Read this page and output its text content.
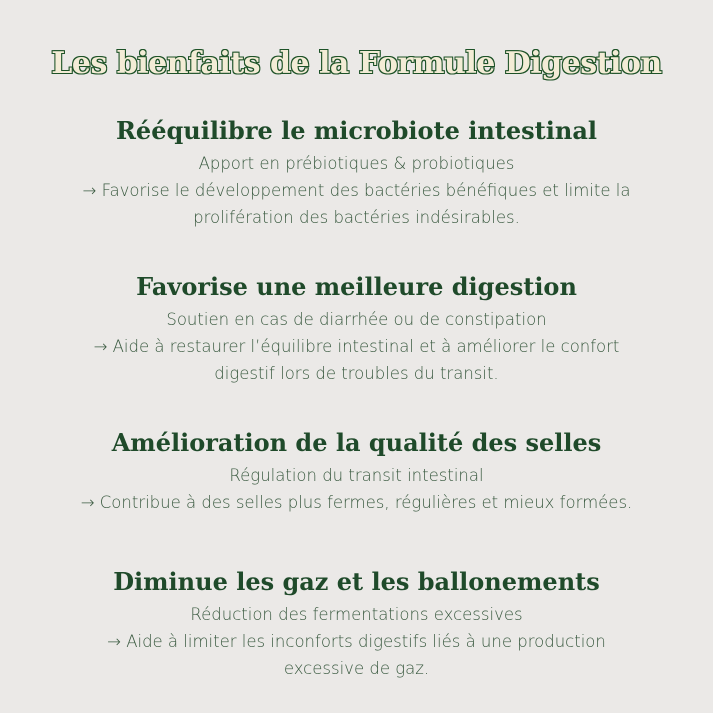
Les bienfaits de la Formule Digestion
Rééquilibre le microbiote intestinal

Apport en prébiotiques & probiotiques

→ Favorise le développement des bactéries bénéfiques et limite la prolifération des bactéries indésirables.

Favorise une meilleure digestion

Soutien en cas de diarrhée ou de constipation

→ Aide à restaurer l’équilibre intestinal et à améliorer le confort digestif lors de troubles du transit.

Amélioration de la qualité des selles

Régulation du transit intestinal

→ Contribue à des selles plus fermes, régulières et mieux formées.

Diminue les gaz et les ballonements

Réduction des fermentations excessives

→ Aide à limiter les inconforts digestifs liés à une production excessive de gaz.
